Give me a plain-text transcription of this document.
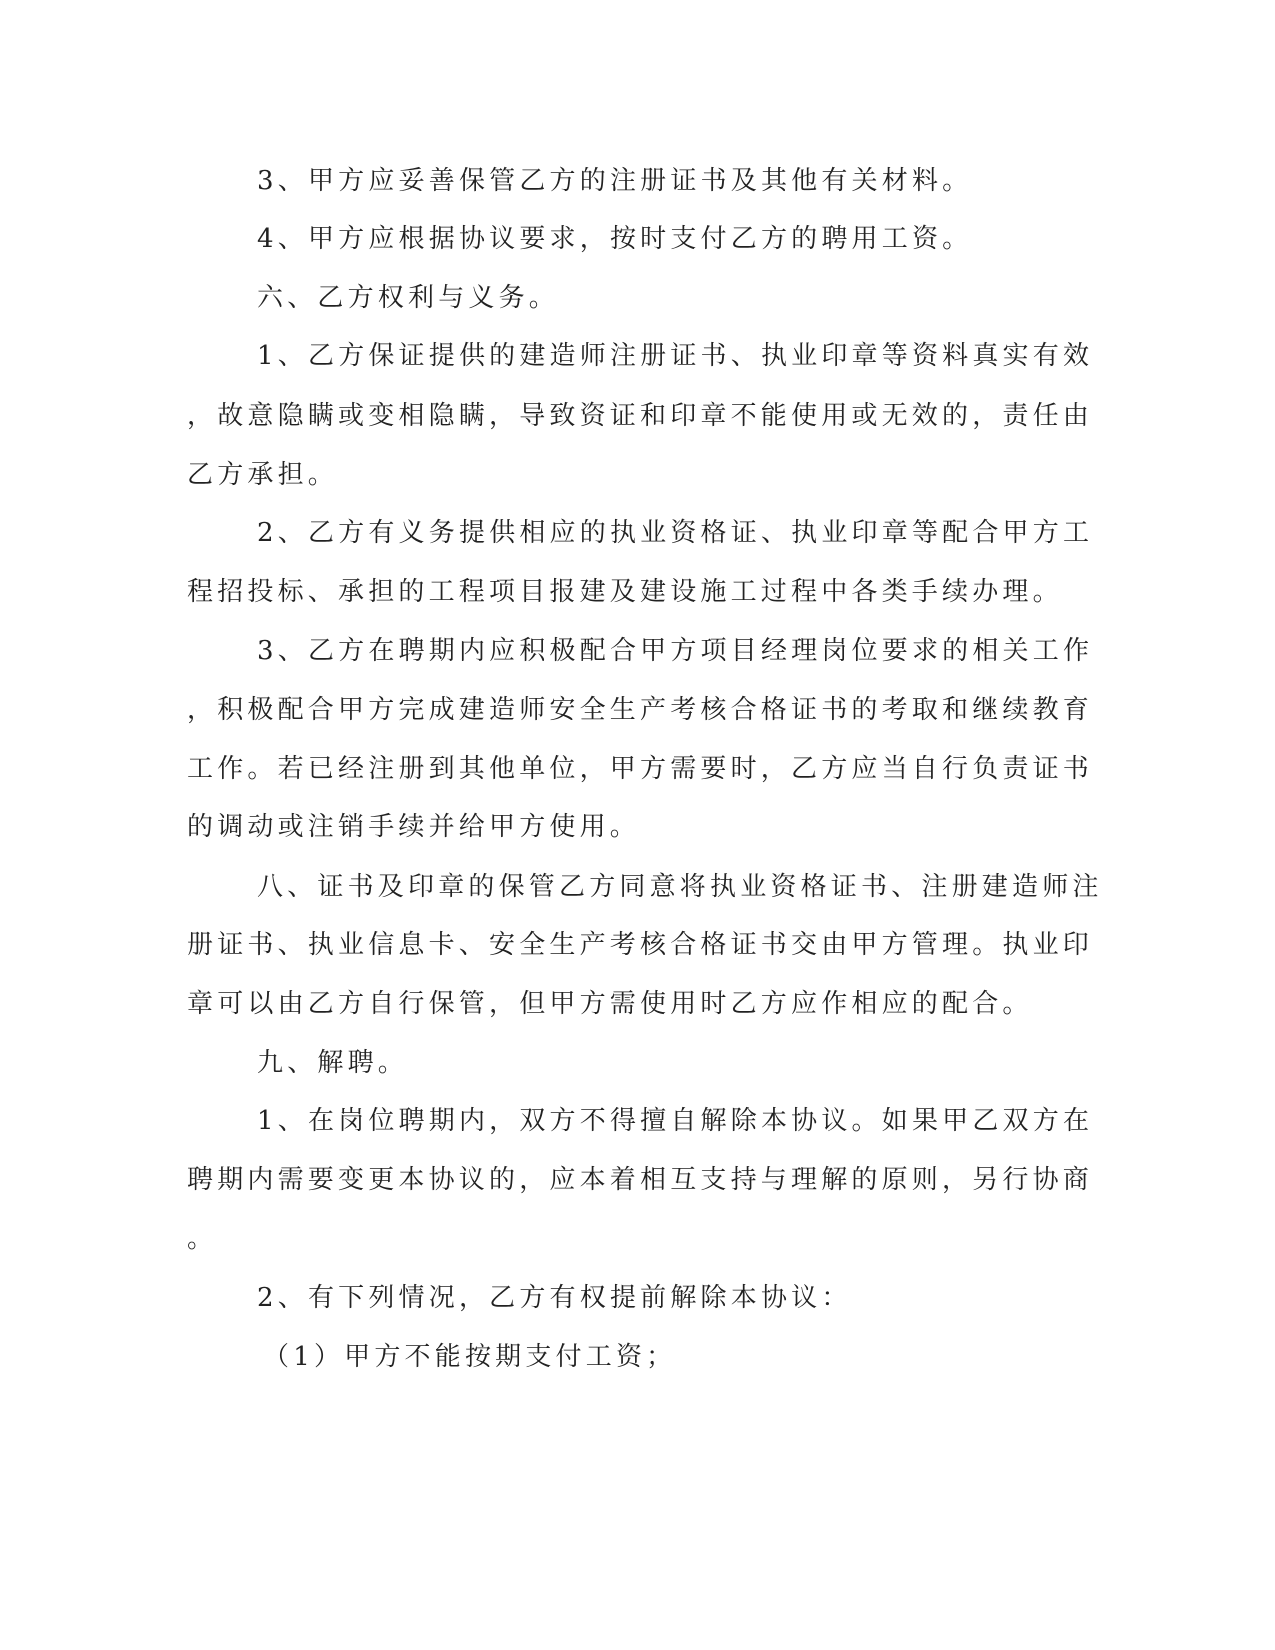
3、甲方应妥善保管乙方的注册证书及其他有关材料。
4、甲方应根据协议要求，按时支付乙方的聘用工资。
六、乙方权利与义务。
1、乙方保证提供的建造师注册证书、执业印章等资料真实有效
，故意隐瞒或变相隐瞒，导致资证和印章不能使用或无效的，责任由
乙方承担。
2、乙方有义务提供相应的执业资格证、执业印章等配合甲方工
程招投标、承担的工程项目报建及建设施工过程中各类手续办理。
3、乙方在聘期内应积极配合甲方项目经理岗位要求的相关工作
，积极配合甲方完成建造师安全生产考核合格证书的考取和继续教育
工作。若已经注册到其他单位，甲方需要时，乙方应当自行负责证书
的调动或注销手续并给甲方使用。
八、证书及印章的保管乙方同意将执业资格证书、注册建造师注
册证书、执业信息卡、安全生产考核合格证书交由甲方管理。执业印
章可以由乙方自行保管，但甲方需使用时乙方应作相应的配合。
九、解聘。
1、在岗位聘期内，双方不得擅自解除本协议。如果甲乙双方在
聘期内需要变更本协议的，应本着相互支持与理解的原则，另行协商
。
2、有下列情况，乙方有权提前解除本协议：
（1）甲方不能按期支付工资；
